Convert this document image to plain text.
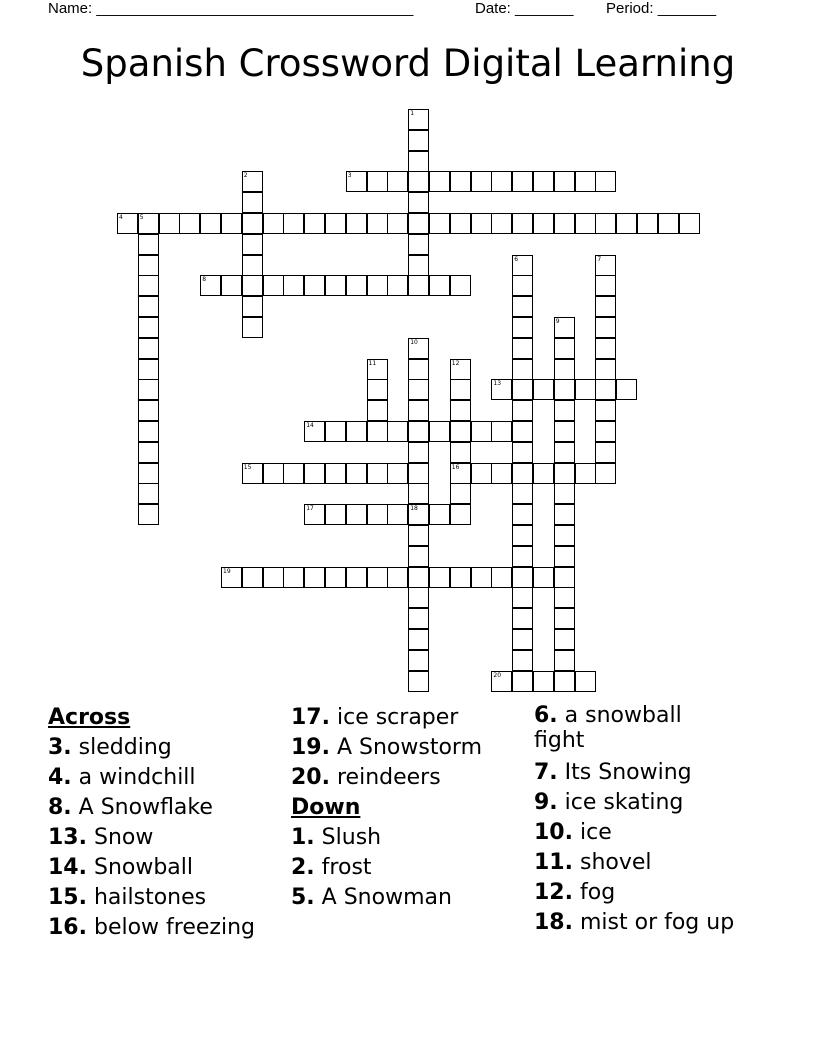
Name: ______________________________________	Date: _______ Period: _______
Spanish Crossword Digital Learning
1
2	3
4	5
6	7
8
9
10
11	12
13
14
15	16
17	18
19
20
Across
3. sledding
4. a windchill
8. A Snowflake
13. Snow
14. Snowball
15. hailstones
16. below freezing
17. ice scraper
19. A Snowstorm
20. reindeers
Down
1. Slush
2. frost
5. A Snowman
6. a snowball fight
7. Its Snowing
9. ice skating
10. ice
11. shovel
12. fog
18. mist or fog up
